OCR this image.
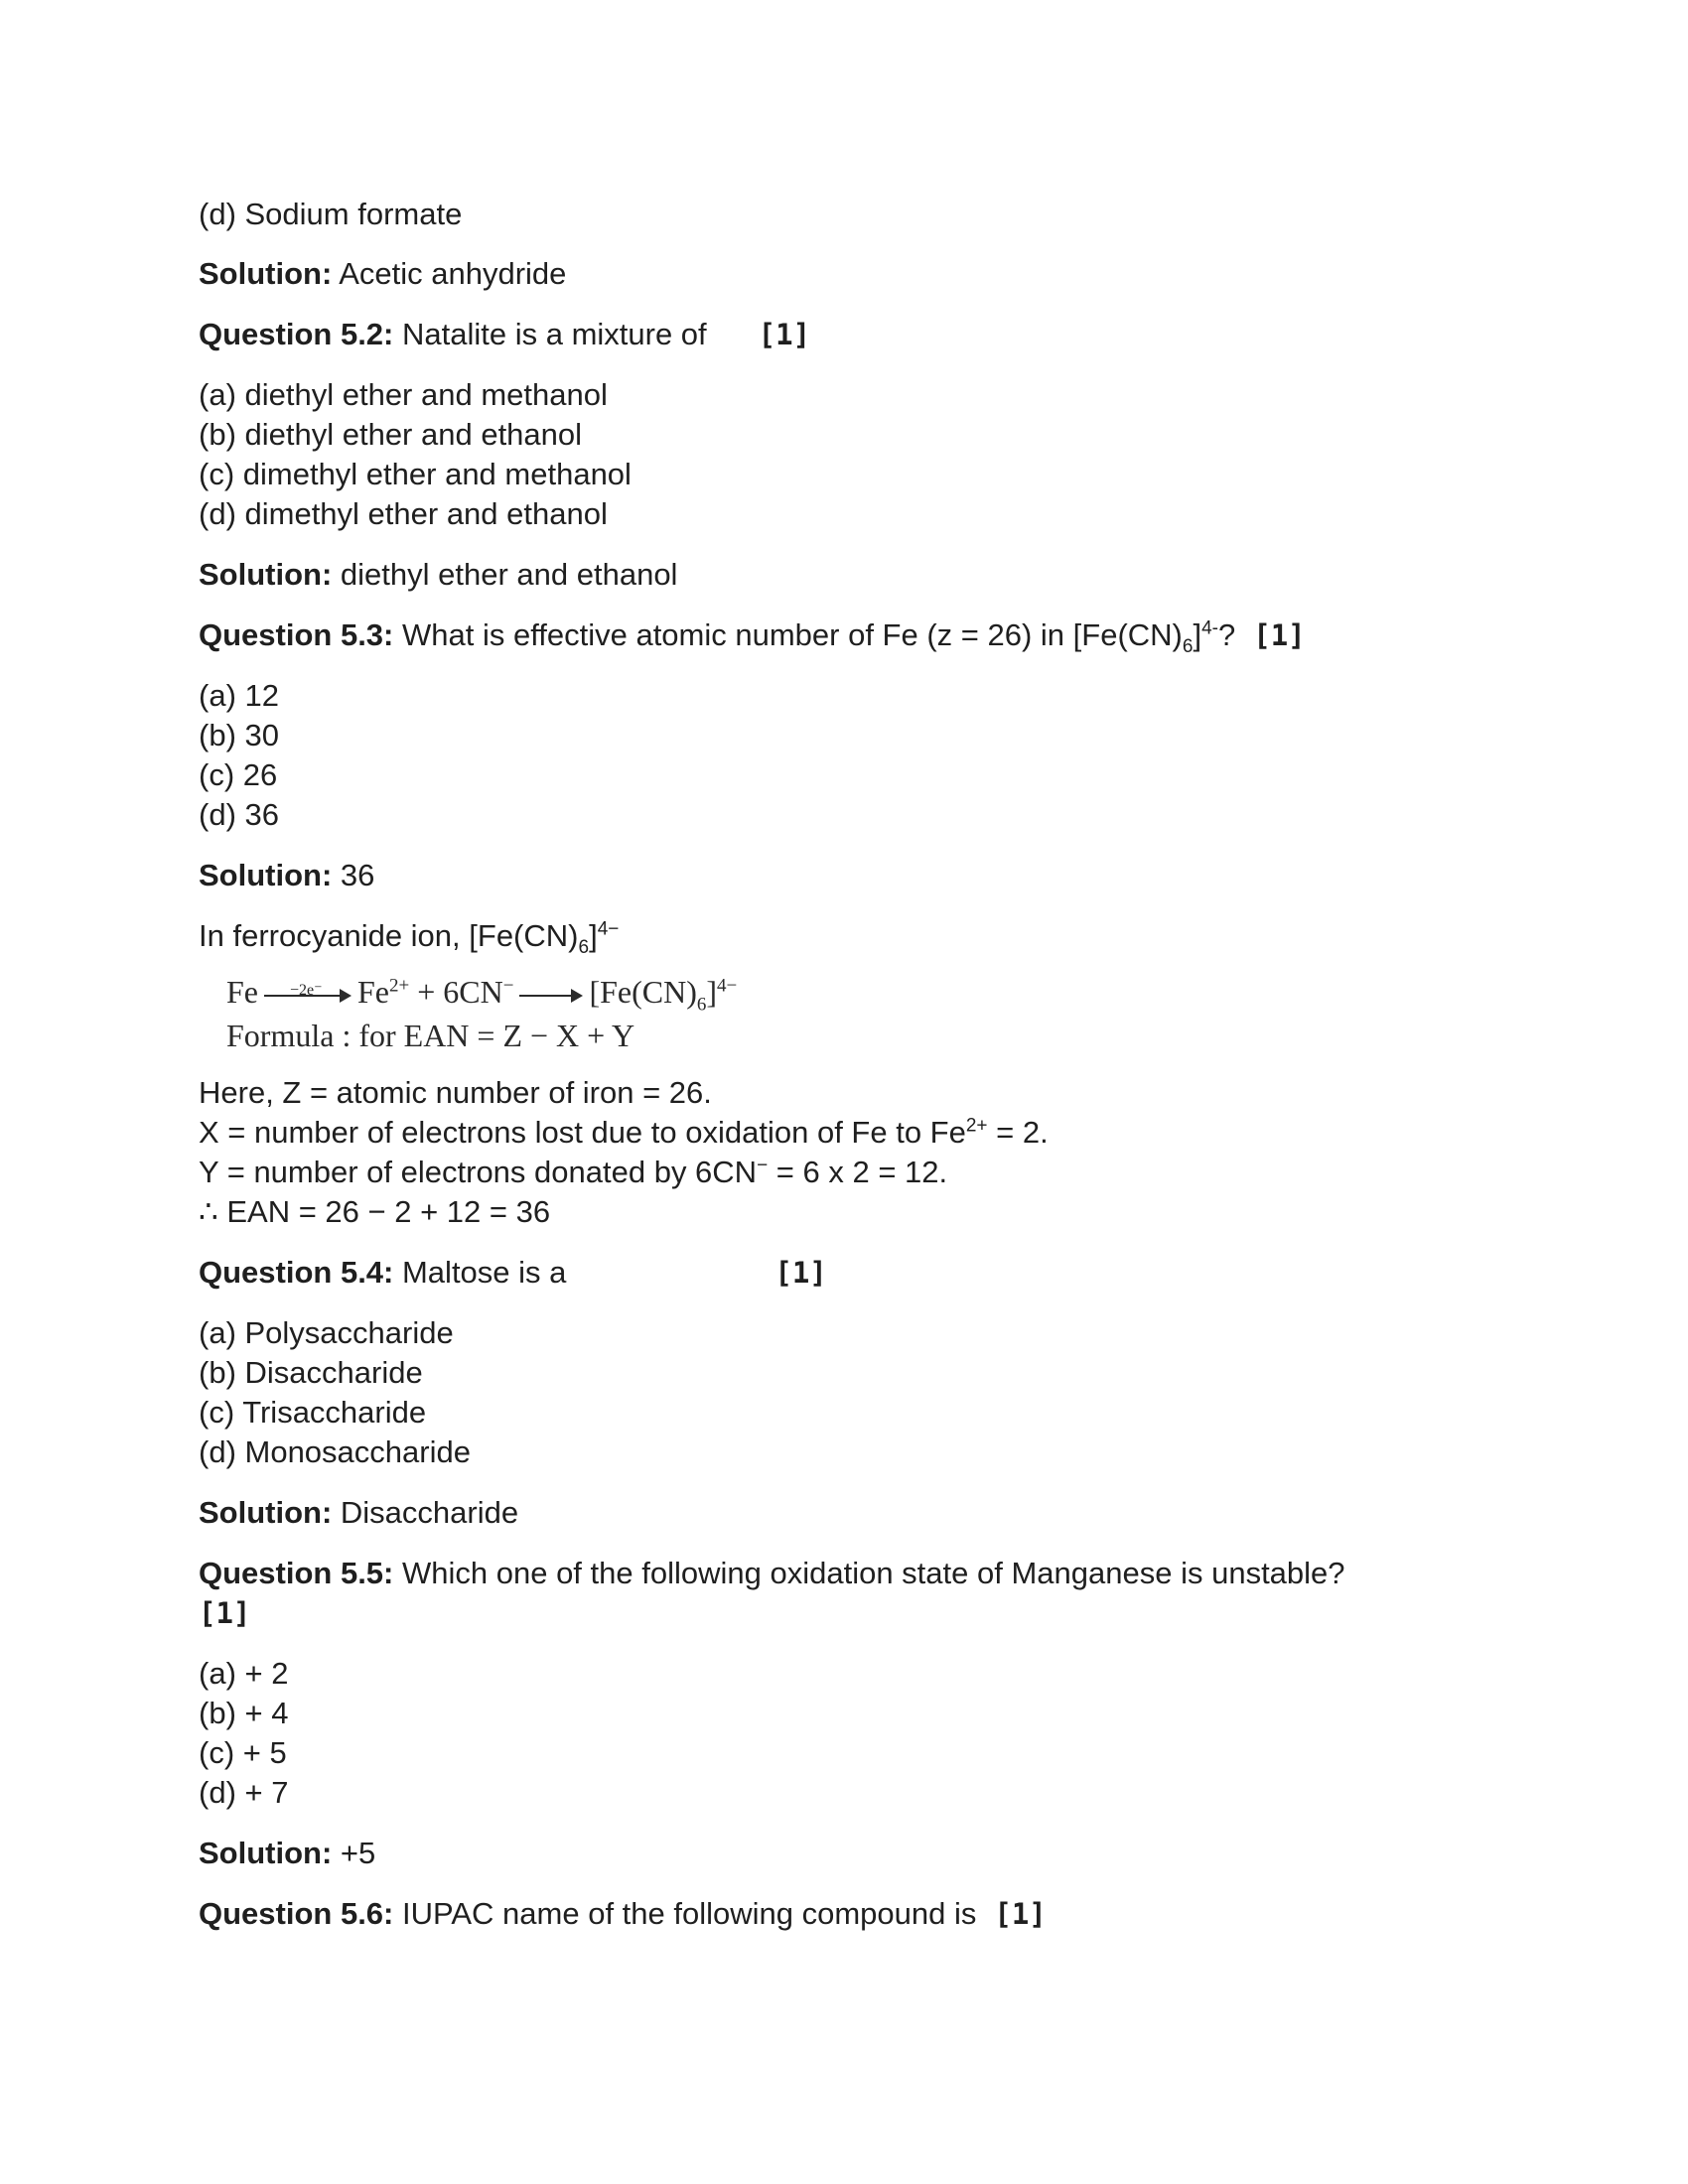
(d) Sodium formate
Solution: Acetic anhydride
Question 5.2: Natalite is a mixture of [1]
(a) diethyl ether and methanol
(b) diethyl ether and ethanol
(c) dimethyl ether and methanol
(d) dimethyl ether and ethanol
Solution: diethyl ether and ethanol
Question 5.3: What is effective atomic number of Fe (z = 26) in $[Fe(CN)_6]^{4-}$? [1]
(a) 12
(b) 30
(c) 26
(d) 36
Solution: 36
In ferrocyanide ion, $[Fe(CN)_6]^{4-}$
Fe −2e⁻ $Fe^{2+} + 6CN^-$ $[Fe(CN)_6]^{4-}$
Formula : for EAN = Z − X + Y
Here, Z = atomic number of iron = 26.
X = number of electrons lost due to oxidation of Fe to $Fe^{2+} = 2$.
Y = number of electrons donated by 6CN− = 6 x 2 = 12.
∴ EAN = 26 − 2 + 12 = 36
Question 5.4: Maltose is a	[1]
(a) Polysaccharide
(b) Disaccharide
(c) Trisaccharide
(d) Monosaccharide
Solution: Disaccharide
Question 5.5: Which one of the following oxidation state of Manganese is unstable?
[1]
(a) + 2
(b) + 4
(c) + 5
(d) + 7
Solution: +5
Question 5.6: IUPAC name of the following compound is [1]
